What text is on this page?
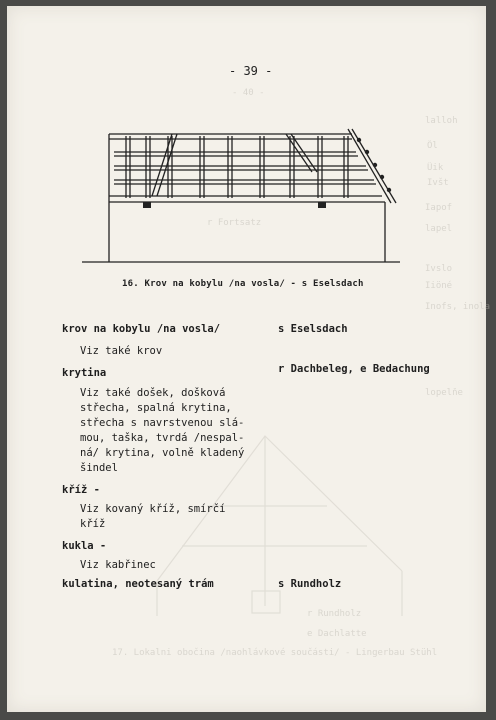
- 40 -
lalloh
Öl
Üik
Ivšt
Iapof
lapel
Ivslo
Iiöné
Inofs, inola
lopelňe
r Fortsatz
r Rundholz
e Dachlatte
17. Lokalni obočina /naohlávkové součásti/ - Lingerbau Stühl
- 39 -
16. Krov na kobylu /na vosla/ - s Eselsdach
krov na kobylu /na vosla/	s Eselsdach
Viz také krov
krytina	r Dachbeleg, e Bedachung
Viz také došek, došková
střecha, spalná krytina,
střecha s navrstvenou slá-
mou, taška, tvrdá /nespal-
ná/ krytina, volně kladený
šindel
kříž -
Viz kovaný kříž, smírčí
kříž
kukla -
Viz kabřinec
kulatina, neotesaný trám	s Rundholz
